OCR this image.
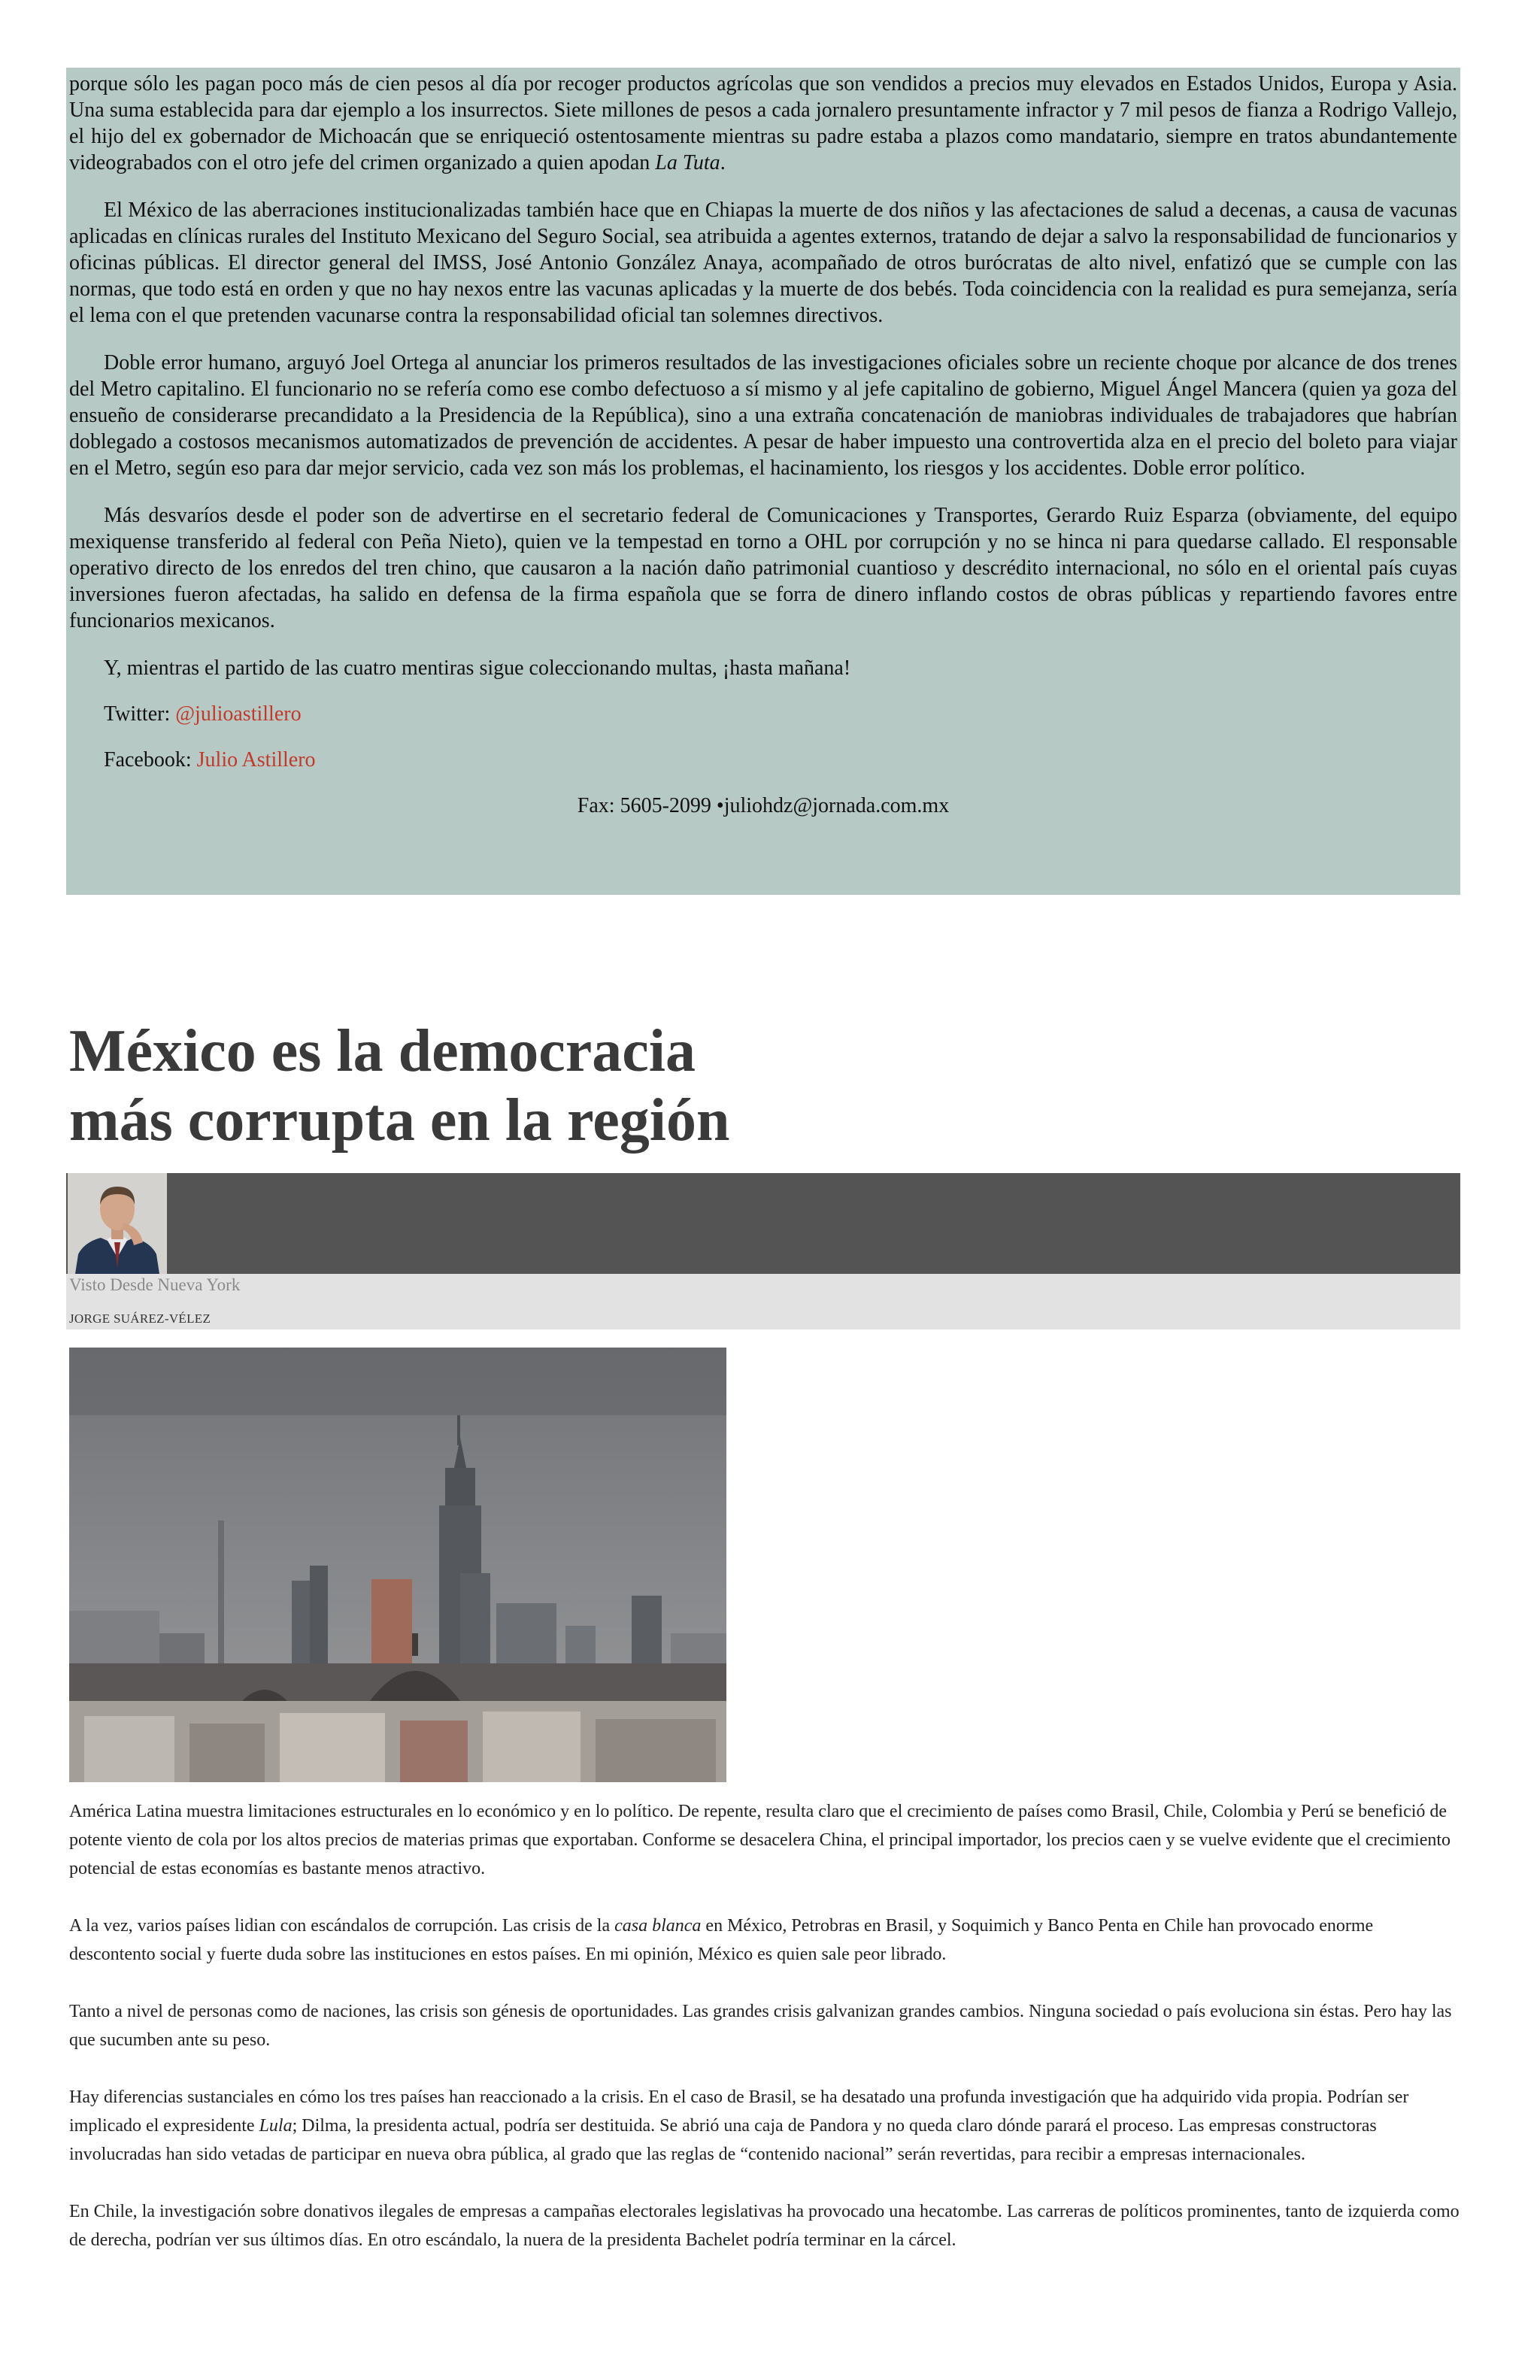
porque sólo les pagan poco más de cien pesos al día por recoger productos agrícolas que son vendidos a precios muy elevados en Estados Unidos, Europa y Asia. Una suma establecida para dar ejemplo a los insurrectos. Siete millones de pesos a cada jornalero presuntamente infractor y 7 mil pesos de fianza a Rodrigo Vallejo, el hijo del ex gobernador de Michoacán que se enriqueció ostentosamente mientras su padre estaba a plazos como mandatario, siempre en tratos abundantemente videograbados con el otro jefe del crimen organizado a quien apodan La Tuta.

El México de las aberraciones institucionalizadas también hace que en Chiapas la muerte de dos niños y las afectaciones de salud a decenas, a causa de vacunas aplicadas en clínicas rurales del Instituto Mexicano del Seguro Social, sea atribuida a agentes externos, tratando de dejar a salvo la responsabilidad de funcionarios y oficinas públicas. El director general del IMSS, José Antonio González Anaya, acompañado de otros burócratas de alto nivel, enfatizó que se cumple con las normas, que todo está en orden y que no hay nexos entre las vacunas aplicadas y la muerte de dos bebés. Toda coincidencia con la realidad es pura semejanza, sería el lema con el que pretenden vacunarse contra la responsabilidad oficial tan solemnes directivos.

Doble error humano, arguyó Joel Ortega al anunciar los primeros resultados de las investigaciones oficiales sobre un reciente choque por alcance de dos trenes del Metro capitalino. El funcionario no se refería como ese combo defectuoso a sí mismo y al jefe capitalino de gobierno, Miguel Ángel Mancera (quien ya goza del ensueño de considerarse precandidato a la Presidencia de la República), sino a una extraña concatenación de maniobras individuales de trabajadores que habrían doblegado a costosos mecanismos automatizados de prevención de accidentes. A pesar de haber impuesto una controvertida alza en el precio del boleto para viajar en el Metro, según eso para dar mejor servicio, cada vez son más los problemas, el hacinamiento, los riesgos y los accidentes. Doble error político.

Más desvaríos desde el poder son de advertirse en el secretario federal de Comunicaciones y Transportes, Gerardo Ruiz Esparza (obviamente, del equipo mexiquense transferido al federal con Peña Nieto), quien ve la tempestad en torno a OHL por corrupción y no se hinca ni para quedarse callado. El responsable operativo directo de los enredos del tren chino, que causaron a la nación daño patrimonial cuantioso y descrédito internacional, no sólo en el oriental país cuyas inversiones fueron afectadas, ha salido en defensa de la firma española que se forra de dinero inflando costos de obras públicas y repartiendo favores entre funcionarios mexicanos.

Y, mientras el partido de las cuatro mentiras sigue coleccionando multas, ¡hasta mañana!

Twitter: @julioastillero

Facebook: Julio Astillero

Fax: 5605-2099 •juliohdz@jornada.com.mx

México es la democracia
más corrupta en la región
Visto Desde Nueva York
JORGE SUÁREZ-VÉLEZ

América Latina muestra limitaciones estructurales en lo económico y en lo político. De repente, resulta claro que el crecimiento de países como Brasil, Chile, Colombia y Perú se benefició de potente viento de cola por los altos precios de materias primas que exportaban. Conforme se desacelera China, el principal importador, los precios caen y se vuelve evidente que el crecimiento potencial de estas economías es bastante menos atractivo.

A la vez, varios países lidian con escándalos de corrupción. Las crisis de la casa blanca en México, Petrobras en Brasil, y Soquimich y Banco Penta en Chile han provocado enorme descontento social y fuerte duda sobre las instituciones en estos países. En mi opinión, México es quien sale peor librado.

Tanto a nivel de personas como de naciones, las crisis son génesis de oportunidades. Las grandes crisis galvanizan grandes cambios. Ninguna sociedad o país evoluciona sin éstas. Pero hay las que sucumben ante su peso.

Hay diferencias sustanciales en cómo los tres países han reaccionado a la crisis. En el caso de Brasil, se ha desatado una profunda investigación que ha adquirido vida propia. Podrían ser implicado el expresidente Lula; Dilma, la presidenta actual, podría ser destituida. Se abrió una caja de Pandora y no queda claro dónde parará el proceso. Las empresas constructoras involucradas han sido vetadas de participar en nueva obra pública, al grado que las reglas de “contenido nacional” serán revertidas, para recibir a empresas internacionales.

En Chile, la investigación sobre donativos ilegales de empresas a campañas electorales legislativas ha provocado una hecatombe. Las carreras de políticos prominentes, tanto de izquierda como de derecha, podrían ver sus últimos días. En otro escándalo, la nuera de la presidenta Bachelet podría terminar en la cárcel.
